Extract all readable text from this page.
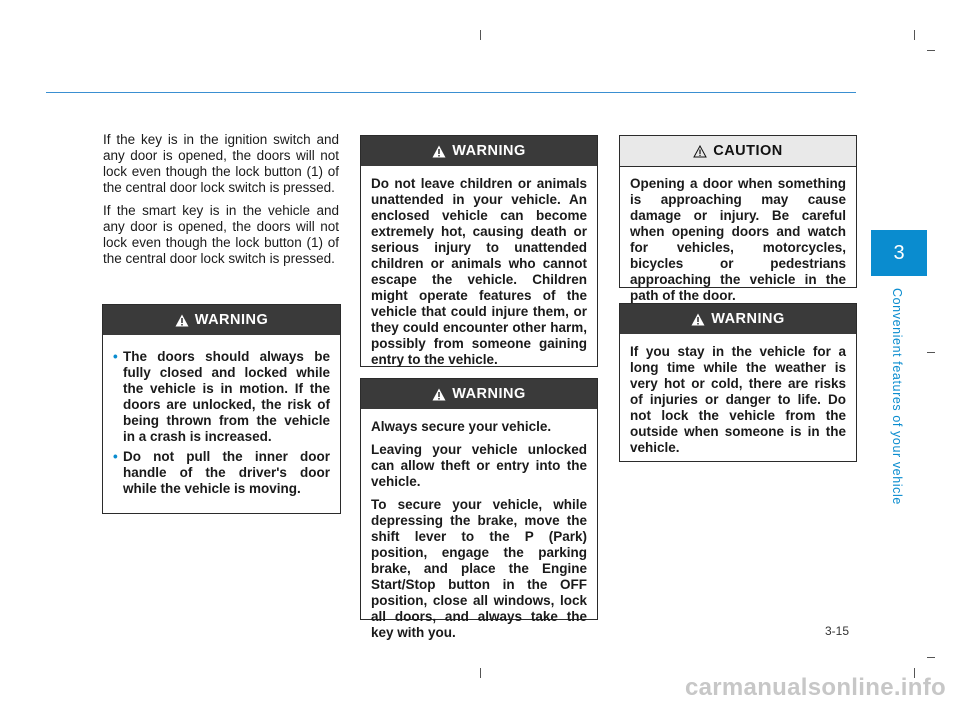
3
Convenient features of your vehicle

If the key is in the ignition switch and any door is opened, the doors will not lock even though the lock button (1) of the central door lock switch is pressed.

If the smart key is in the vehicle and any door is opened, the doors will not lock even though the lock button (1) of the central door lock switch is pressed.

WARNING
• The doors should always be fully closed and locked while the vehicle is in motion. If the doors are unlocked, the risk of being thrown from the vehicle in a crash is increased.
• Do not pull the inner door handle of the driver's door while the vehicle is moving.
WARNING

Do not leave children or animals unattended in your vehicle. An enclosed vehicle can become extremely hot, causing death or serious injury to unattended children or animals who cannot escape the vehicle. Children might operate features of the vehicle that could injure them, or they could encounter other harm, possibly from someone gaining entry to the vehicle.

WARNING

Always secure your vehicle.

Leaving your vehicle unlocked can allow theft or entry into the vehicle.

To secure your vehicle, while depressing the brake, move the shift lever to the P (Park) position, engage the parking brake, and place the Engine Start/Stop button in the OFF position, close all windows, lock all doors, and always take the key with you.

CAUTION

Opening a door when something is approaching may cause damage or injury. Be careful when opening doors and watch for vehicles, motorcycles, bicycles or pedestrians approaching the vehicle in the path of the door.

WARNING

If you stay in the vehicle for a long time while the weather is very hot or cold, there are risks of injuries or danger to life. Do not lock the vehicle from the outside when someone is in the vehicle.

3-15
carmanualsonline.info
